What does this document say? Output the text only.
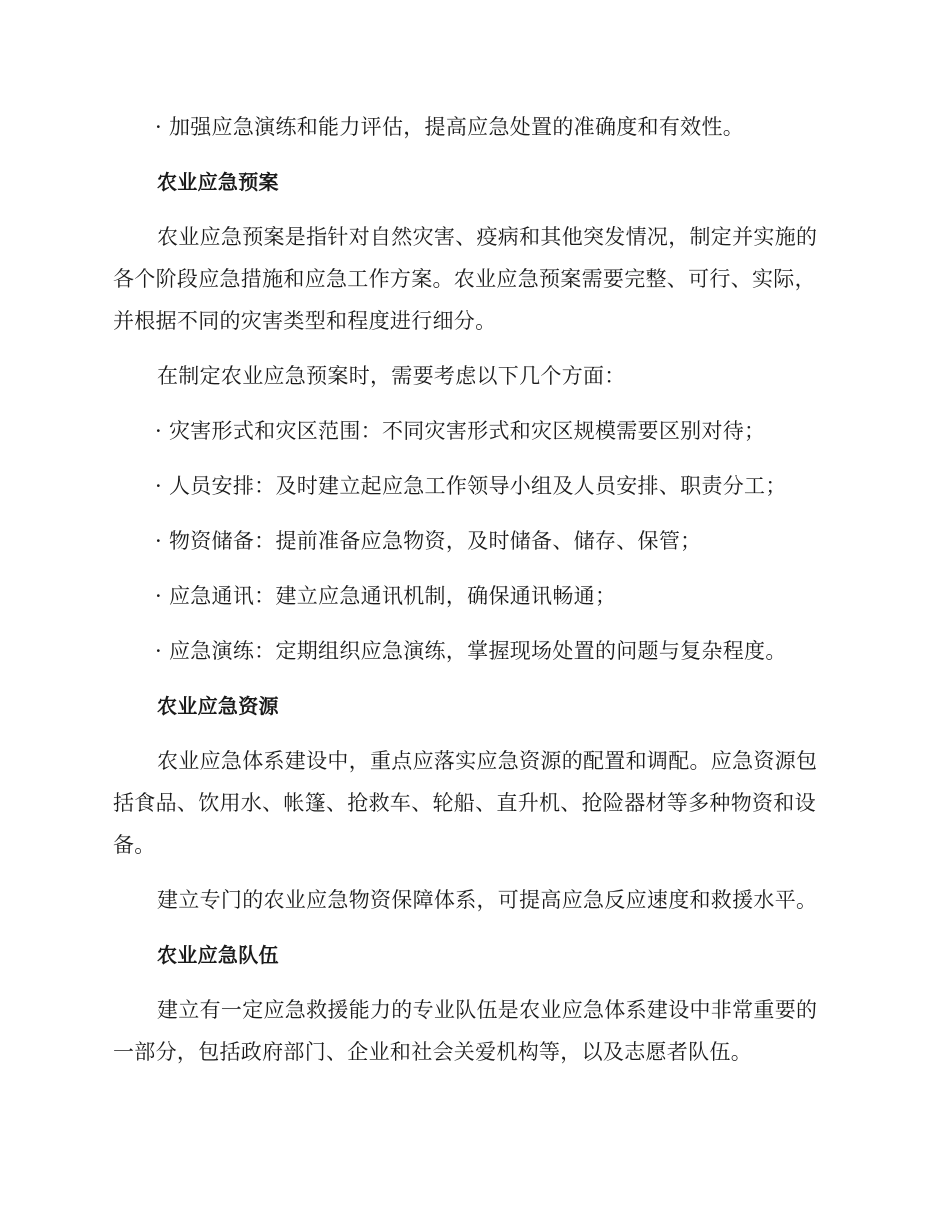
· 加强应急演练和能力评估，提高应急处置的准确度和有效性。
农业应急预案
农业应急预案是指针对自然灾害、疫病和其他突发情况，制定并实施的
各个阶段应急措施和应急工作方案。农业应急预案需要完整、可行、实际，
并根据不同的灾害类型和程度进行细分。
在制定农业应急预案时，需要考虑以下几个方面：
· 灾害形式和灾区范围：不同灾害形式和灾区规模需要区别对待；
· 人员安排：及时建立起应急工作领导小组及人员安排、职责分工；
· 物资储备：提前准备应急物资，及时储备、储存、保管；
· 应急通讯：建立应急通讯机制，确保通讯畅通；
· 应急演练：定期组织应急演练，掌握现场处置的问题与复杂程度。
农业应急资源
农业应急体系建设中，重点应落实应急资源的配置和调配。应急资源包
括食品、饮用水、帐篷、抢救车、轮船、直升机、抢险器材等多种物资和设
备。
建立专门的农业应急物资保障体系，可提高应急反应速度和救援水平。
农业应急队伍
建立有一定应急救援能力的专业队伍是农业应急体系建设中非常重要的
一部分，包括政府部门、企业和社会关爱机构等，以及志愿者队伍。
